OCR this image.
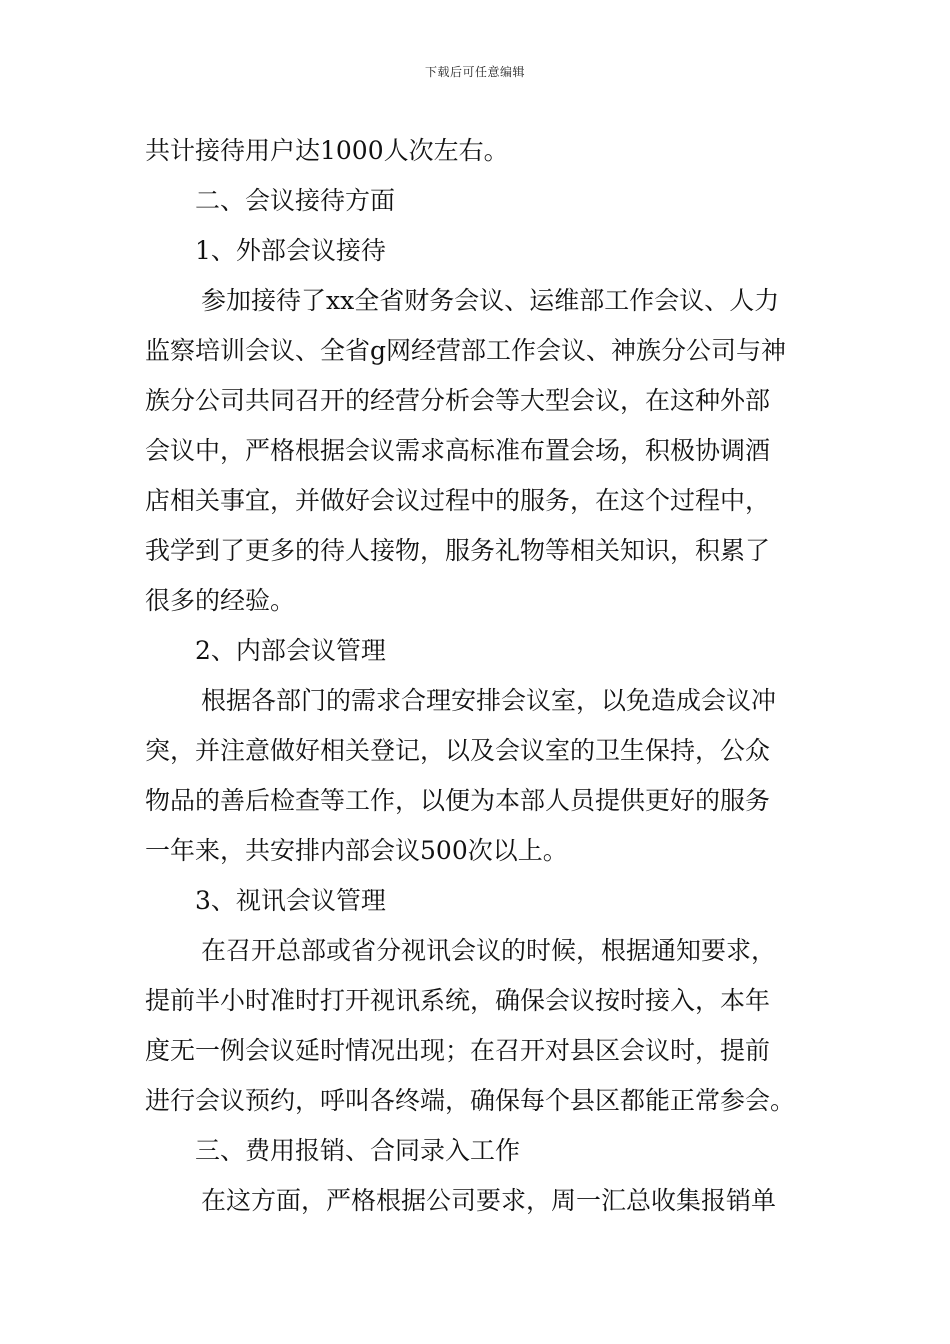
下载后可任意编辑
共计接待用户达1000人次左右。
二、会议接待方面
1、外部会议接待
参加接待了xx全省财务会议、运维部工作会议、人力
监察培训会议、全省g网经营部工作会议、神族分公司与神
族分公司共同召开的经营分析会等大型会议，在这种外部
会议中，严格根据会议需求高标准布置会场，积极协调酒
店相关事宜，并做好会议过程中的服务，在这个过程中，
我学到了更多的待人接物，服务礼物等相关知识，积累了
很多的经验。
2、内部会议管理
根据各部门的需求合理安排会议室，以免造成会议冲
突，并注意做好相关登记，以及会议室的卫生保持，公众
物品的善后检查等工作，以便为本部人员提供更好的服务
一年来，共安排内部会议500次以上。
3、视讯会议管理
在召开总部或省分视讯会议的时候，根据通知要求，
提前半小时准时打开视讯系统，确保会议按时接入，本年
度无一例会议延时情况出现；在召开对县区会议时，提前
进行会议预约，呼叫各终端，确保每个县区都能正常参会。
三、费用报销、合同录入工作
在这方面，严格根据公司要求，周一汇总收集报销单
